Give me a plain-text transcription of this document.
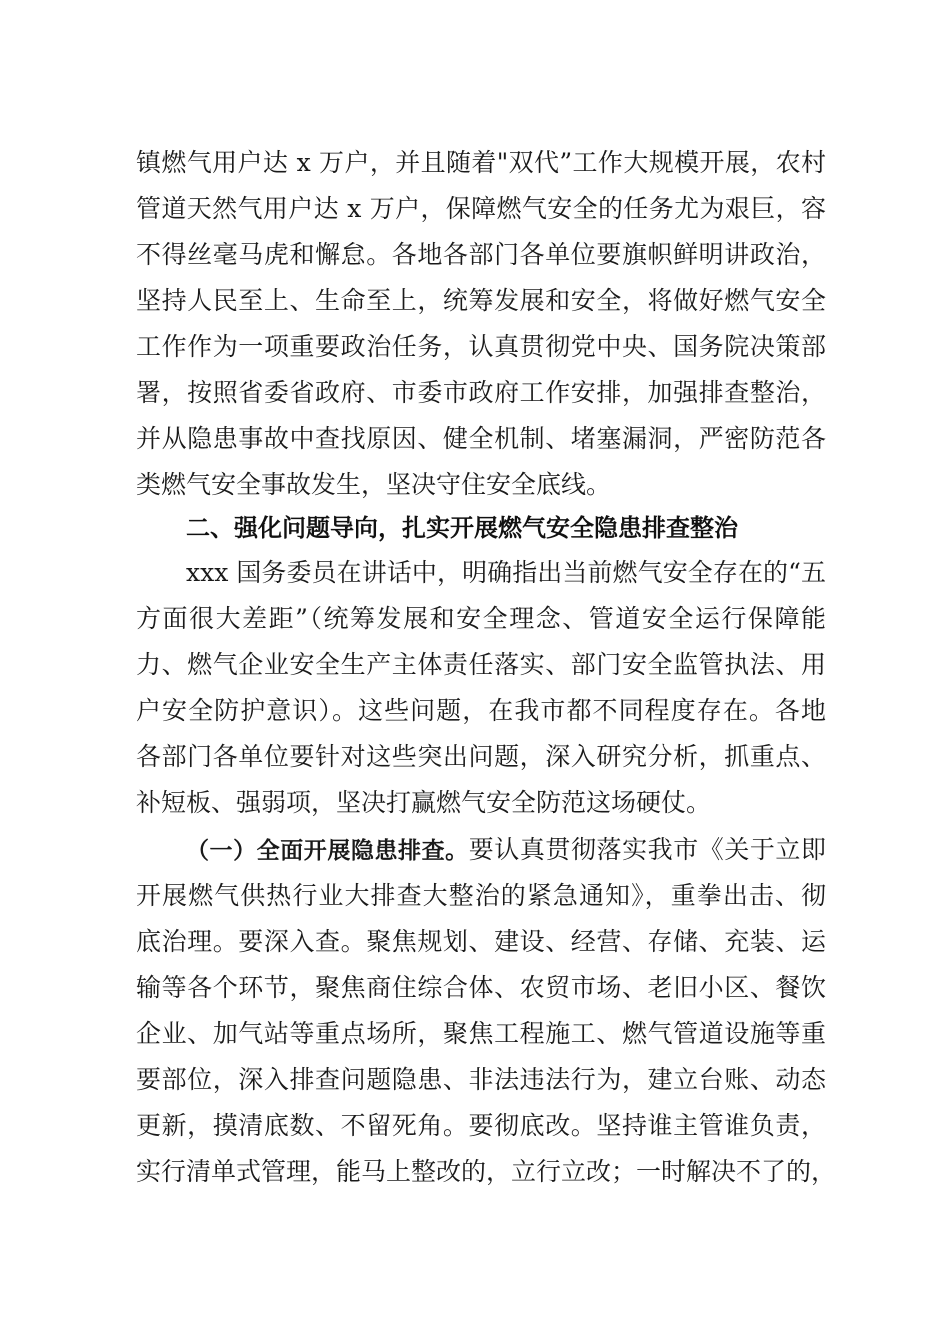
镇燃气用户达 x 万户，并且随着"双代”工作大规模开展，农村
管道天然气用户达 x 万户，保障燃气安全的任务尤为艰巨，容
不得丝毫马虎和懈怠。各地各部门各单位要旗帜鲜明讲政治，
坚持人民至上、生命至上，统筹发展和安全，将做好燃气安全
工作作为一项重要政治任务，认真贯彻党中央、国务院决策部
署，按照省委省政府、市委市政府工作安排，加强排查整治，
并从隐患事故中查找原因、健全机制、堵塞漏洞，严密防范各
类燃气安全事故发生，坚决守住安全底线。
二、强化问题导向，扎实开展燃气安全隐患排查整治
xxx 国务委员在讲话中，明确指出当前燃气安全存在的“五
方面很大差距”（统筹发展和安全理念、管道安全运行保障能
力、燃气企业安全生产主体责任落实、部门安全监管执法、用
户安全防护意识）。这些问题，在我市都不同程度存在。各地
各部门各单位要针对这些突出问题，深入研究分析，抓重点、
补短板、强弱项，坚决打赢燃气安全防范这场硬仗。
（一）全面开展隐患排查。要认真贯彻落实我市《关于立即
开展燃气供热行业大排查大整治的紧急通知》，重拳出击、彻
底治理。要深入查。聚焦规划、建设、经营、存储、充装、运
输等各个环节，聚焦商住综合体、农贸市场、老旧小区、餐饮
企业、加气站等重点场所，聚焦工程施工、燃气管道设施等重
要部位，深入排查问题隐患、非法违法行为，建立台账、动态
更新，摸清底数、不留死角。要彻底改。坚持谁主管谁负责，
实行清单式管理，能马上整改的，立行立改；一时解决不了的，
